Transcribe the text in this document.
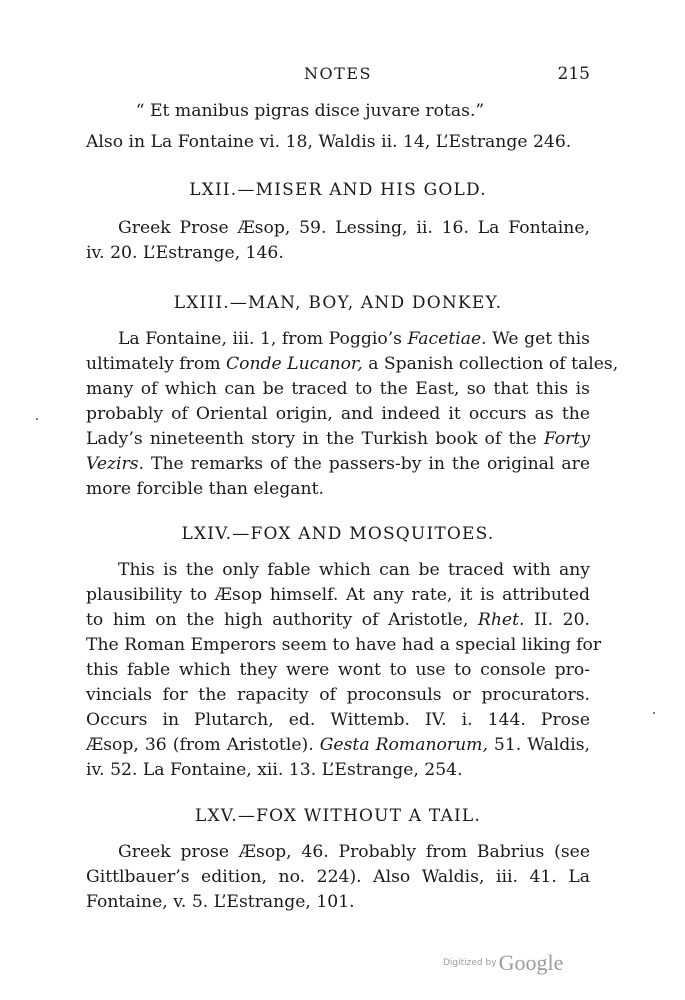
NOTES	215
“ Et manibus pigras disce juvare rotas.”
Also in La Fontaine vi. 18, Waldis ii. 14, L’Estrange 246.
LXII.—MISER AND HIS GOLD.
Greek Prose Æsop, 59. Lessing, ii. 16. La Fontaine,
iv. 20. L’Estrange, 146.
LXIII.—MAN, BOY, AND DONKEY.
La Fontaine, iii. 1, from Poggio’s Facetiae. We get this
ultimately from Conde Lucanor, a Spanish collection of tales,
many of which can be traced to the East, so that this is
probably of Oriental origin, and indeed it occurs as the
Lady’s nineteenth story in the Turkish book of the Forty
Vezirs. The remarks of the passers-by in the original are
more forcible than elegant.
LXIV.—FOX AND MOSQUITOES.
This is the only fable which can be traced with any
plausibility to Æsop himself. At any rate, it is attributed
to him on the high authority of Aristotle, Rhet. II. 20.
The Roman Emperors seem to have had a special liking for
this fable which they were wont to use to console pro-
vincials for the rapacity of proconsuls or procurators.
Occurs in Plutarch, ed. Wittemb. IV. i. 144. Prose
Æsop, 36 (from Aristotle). Gesta Romanorum, 51. Waldis,
iv. 52. La Fontaine, xii. 13. L’Estrange, 254.
LXV.—FOX WITHOUT A TAIL.
Greek prose Æsop, 46. Probably from Babrius (see
Gittlbauer’s edition, no. 224). Also Waldis, iii. 41. La
Fontaine, v. 5. L’Estrange, 101.
Digitized byGoogle
